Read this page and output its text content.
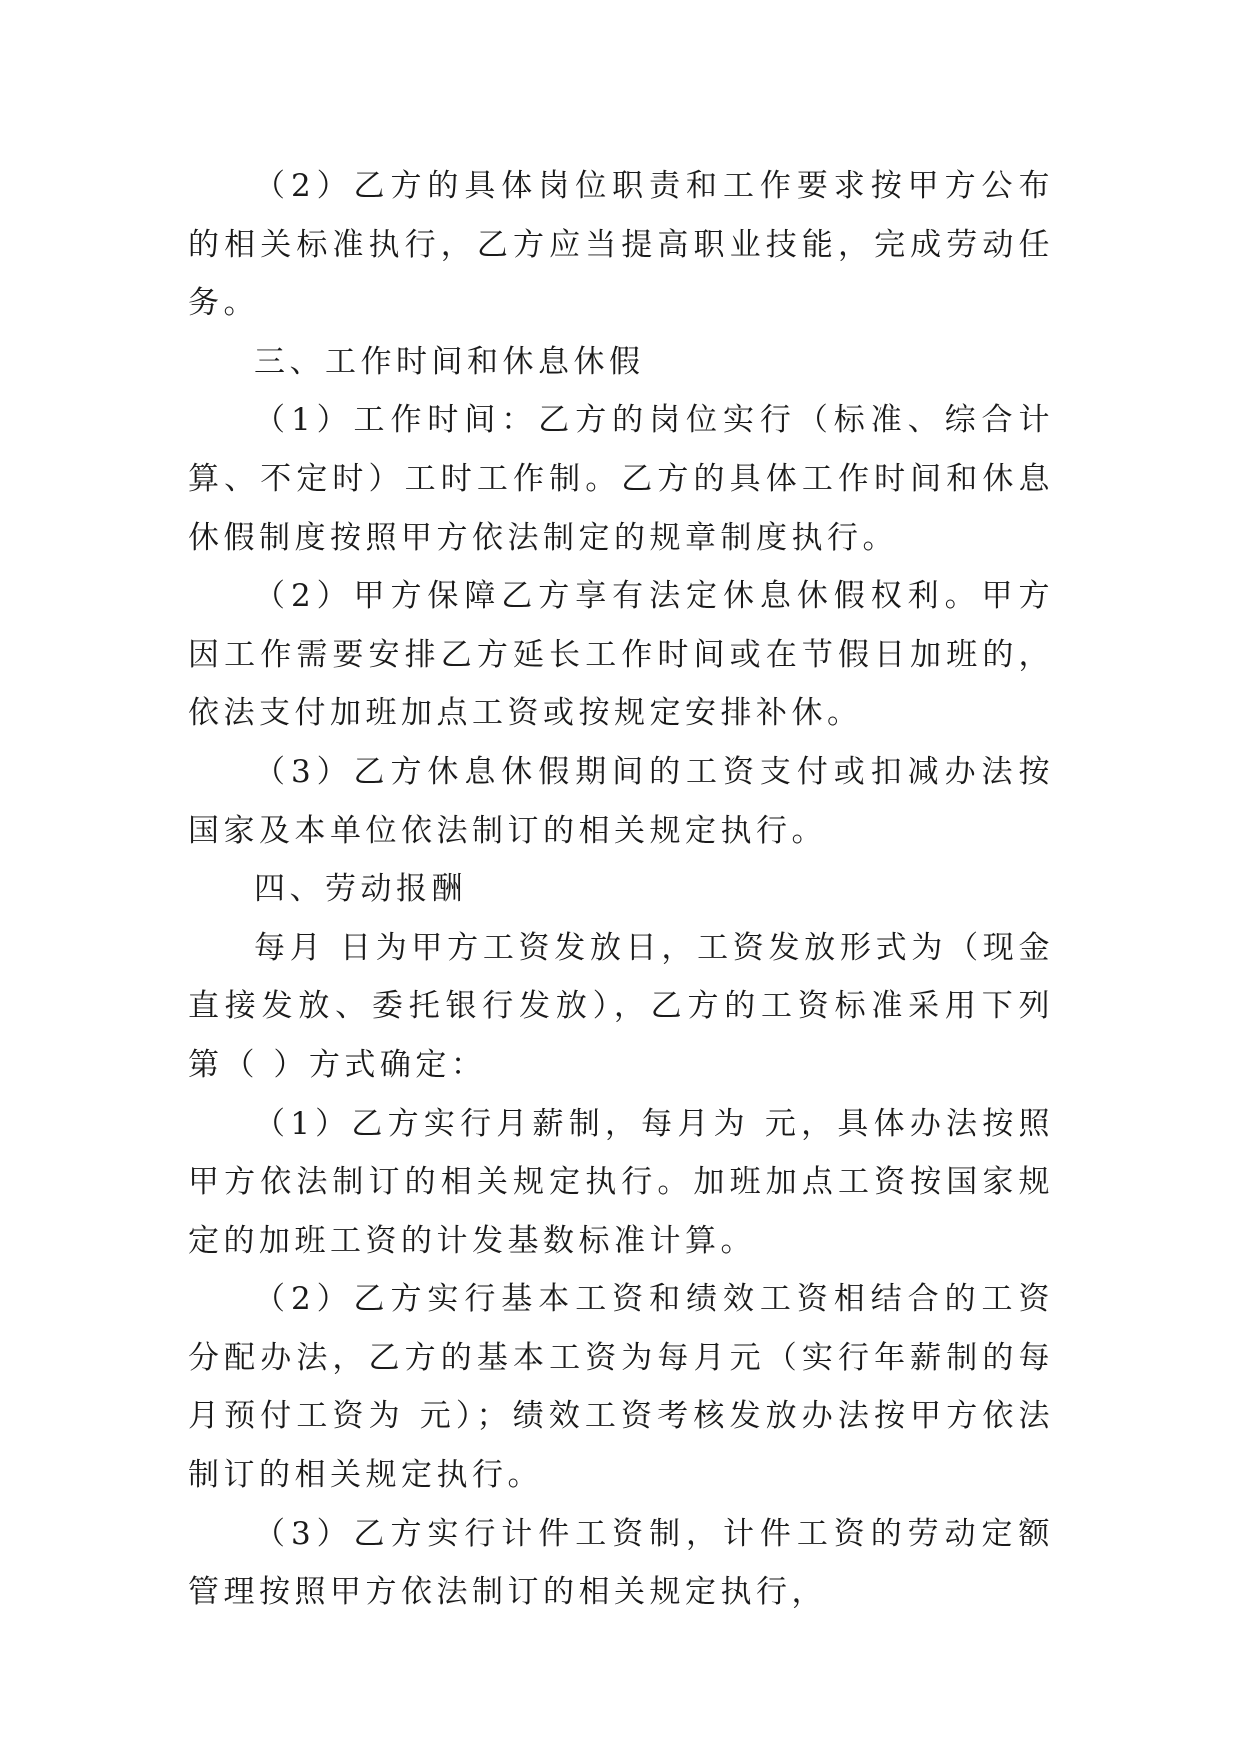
（2）乙方的具体岗位职责和工作要求按甲方公布的相关标准执行，乙方应当提高职业技能，完成劳动任务。

三、工作时间和休息休假

（1）工作时间：乙方的岗位实行（标准、综合计算、不定时）工时工作制。乙方的具体工作时间和休息休假制度按照甲方依法制定的规章制度执行。

（2）甲方保障乙方享有法定休息休假权利。甲方因工作需要安排乙方延长工作时间或在节假日加班的，依法支付加班加点工资或按规定安排补休。

（3）乙方休息休假期间的工资支付或扣减办法按国家及本单位依法制订的相关规定执行。

四、劳动报酬

每月 日为甲方工资发放日，工资发放形式为（现金直接发放、委托银行发放），乙方的工资标准采用下列第（ ）方式确定：

（1）乙方实行月薪制，每月为 元，具体办法按照甲方依法制订的相关规定执行。加班加点工资按国家规定的加班工资的计发基数标准计算。

（2）乙方实行基本工资和绩效工资相结合的工资分配办法，乙方的基本工资为每月元（实行年薪制的每月预付工资为 元）；绩效工资考核发放办法按甲方依法制订的相关规定执行。

（3）乙方实行计件工资制，计件工资的劳动定额管理按照甲方依法制订的相关规定执行，
